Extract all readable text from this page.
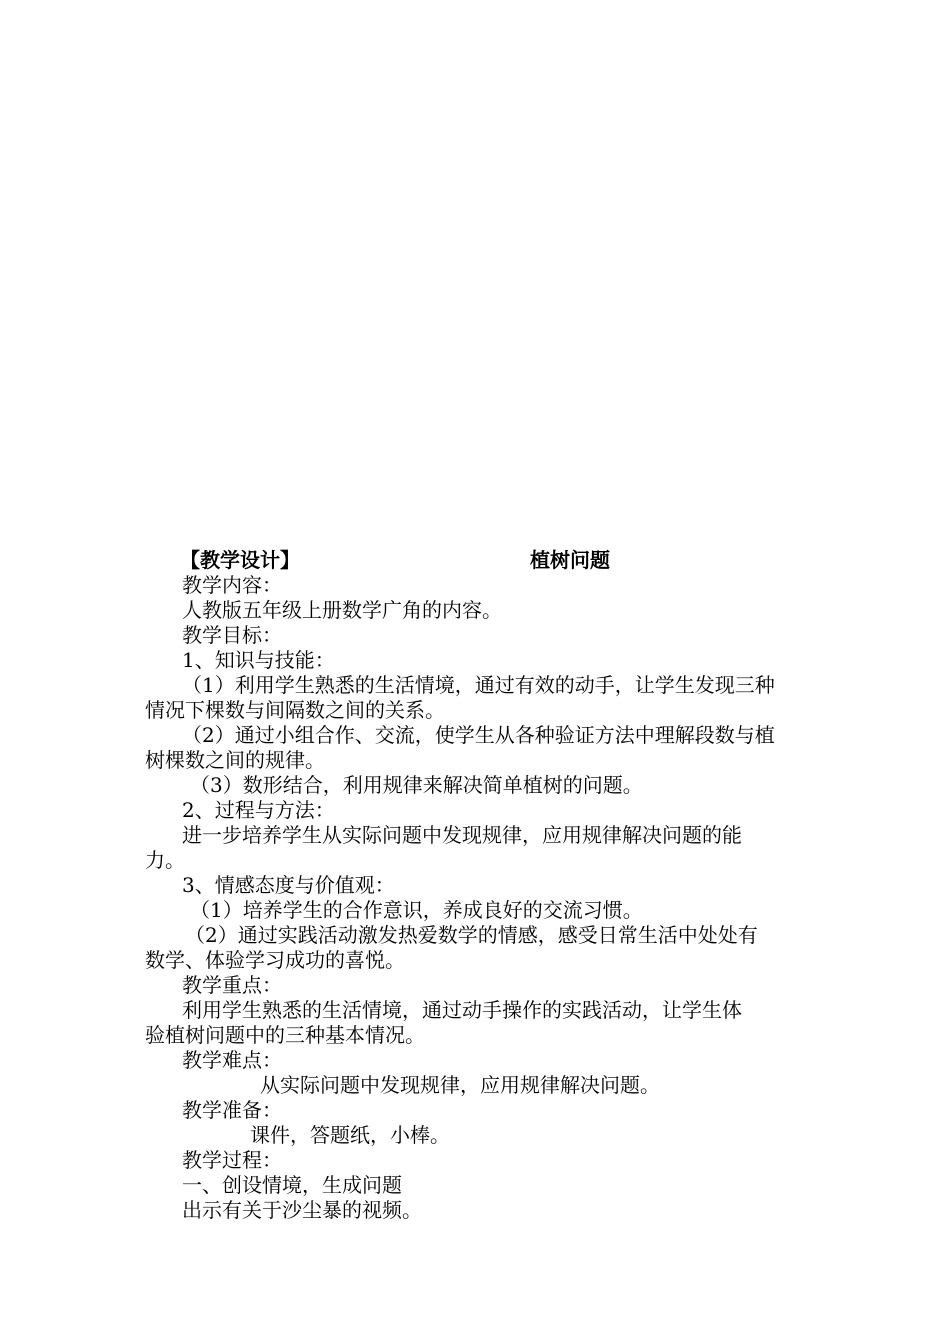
【教学设计】	植树问题
教学内容：
人教版五年级上册数学广角的内容。
教学目标：
1、知识与技能：
（1）利用学生熟悉的生活情境，通过有效的动手，让学生发现三种
情况下棵数与间隔数之间的关系。
（2）通过小组合作、交流，使学生从各种验证方法中理解段数与植
树棵数之间的规律。
（3）数形结合，利用规律来解决简单植树的问题。
2、过程与方法：
进一步培养学生从实际问题中发现规律，应用规律解决问题的能
力。
3、情感态度与价值观：
（1）培养学生的合作意识，养成良好的交流习惯。
（2）通过实践活动激发热爱数学的情感，感受日常生活中处处有
数学、体验学习成功的喜悦。
教学重点：
利用学生熟悉的生活情境，通过动手操作的实践活动，让学生体
验植树问题中的三种基本情况。
教学难点：
从实际问题中发现规律，应用规律解决问题。
教学准备：
课件，答题纸，小棒。
教学过程：
一、创设情境，生成问题
出示有关于沙尘暴的视频。
